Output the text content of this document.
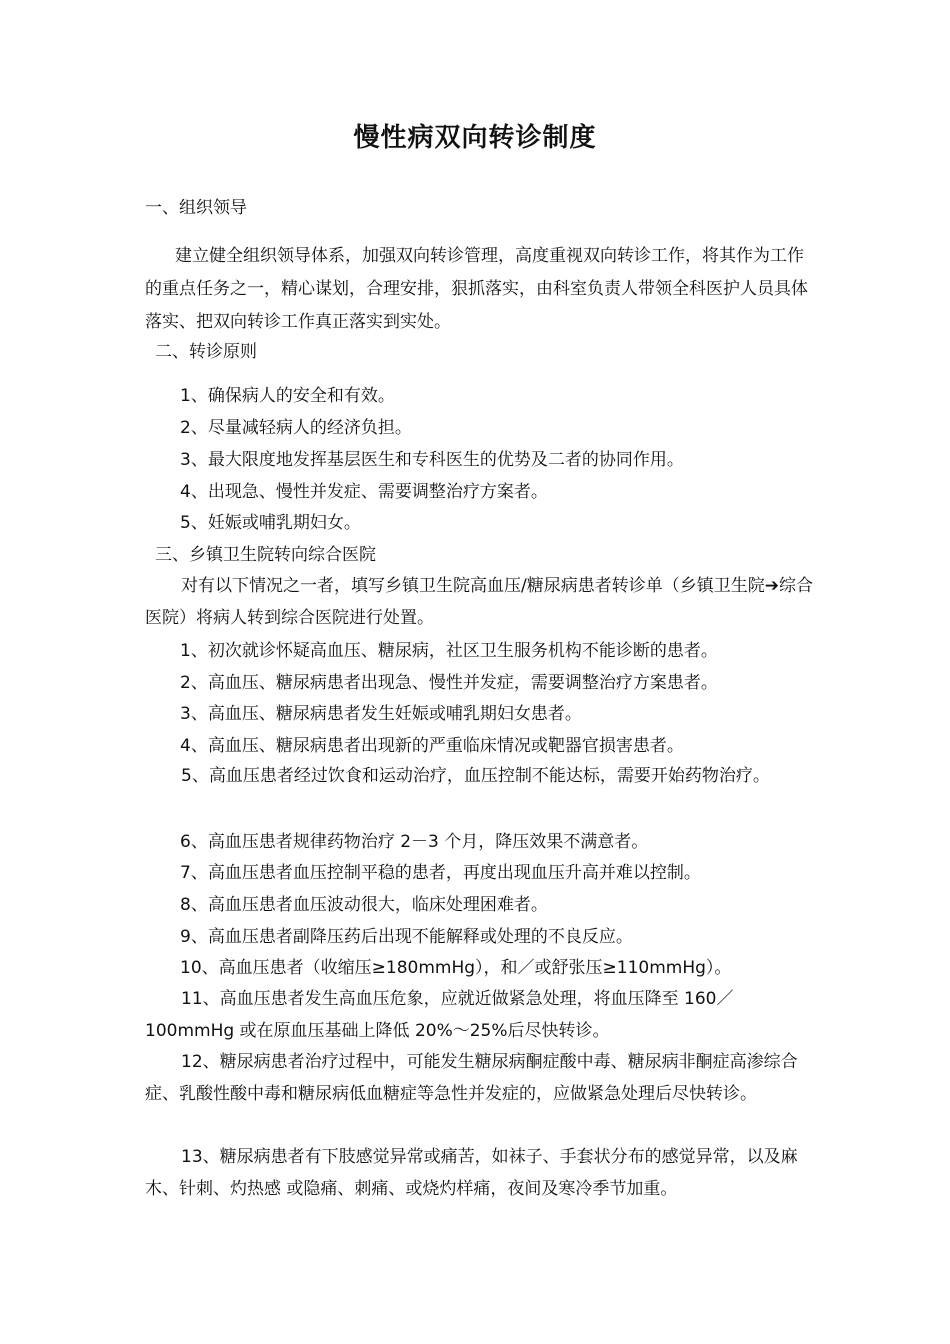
慢性病双向转诊制度

一、组织领导

建立健全组织领导体系，加强双向转诊管理，高度重视双向转诊工作，将其作为工作的重点任务之一，精心谋划，合理安排，狠抓落实，由科室负责人带领全科医护人员具体落实、把双向转诊工作真正落实到实处。

二、转诊原则

1、确保病人的安全和有效。

2、尽量减轻病人的经济负担。

3、最大限度地发挥基层医生和专科医生的优势及二者的协同作用。

4、出现急、慢性并发症、需要调整治疗方案者。

5、妊娠或哺乳期妇女。

三、乡镇卫生院转向综合医院

对有以下情况之一者，填写乡镇卫生院高血压/糖尿病患者转诊单（乡镇卫生院➔综合医院）将病人转到综合医院进行处置。

1、初次就诊怀疑高血压、糖尿病，社区卫生服务机构不能诊断的患者。

2、高血压、糖尿病患者出现急、慢性并发症，需要调整治疗方案患者。

3、高血压、糖尿病患者发生妊娠或哺乳期妇女患者。

4、高血压、糖尿病患者出现新的严重临床情况或靶器官损害患者。

5、高血压患者经过饮食和运动治疗，血压控制不能达标，需要开始药物治疗。

6、高血压患者规律药物治疗 2－3 个月，降压效果不满意者。

7、高血压患者血压控制平稳的患者，再度出现血压升高并难以控制。

8、高血压患者血压波动很大，临床处理困难者。

9、高血压患者副降压药后出现不能解释或处理的不良反应。

10、高血压患者（收缩压≥180mmHg），和／或舒张压≥110mmHg）。

11、高血压患者发生高血压危象，应就近做紧急处理，将血压降至 160／100mmHg 或在原血压基础上降低 20%～25%后尽快转诊。

12、糖尿病患者治疗过程中，可能发生糖尿病酮症酸中毒、糖尿病非酮症高渗综合症、乳酸性酸中毒和糖尿病低血糖症等急性并发症的，应做紧急处理后尽快转诊。

13、糖尿病患者有下肢感觉异常或痛苦，如袜子、手套状分布的感觉异常，以及麻木、针刺、灼热感 或隐痛、刺痛、或烧灼样痛，夜间及寒冷季节加重。
